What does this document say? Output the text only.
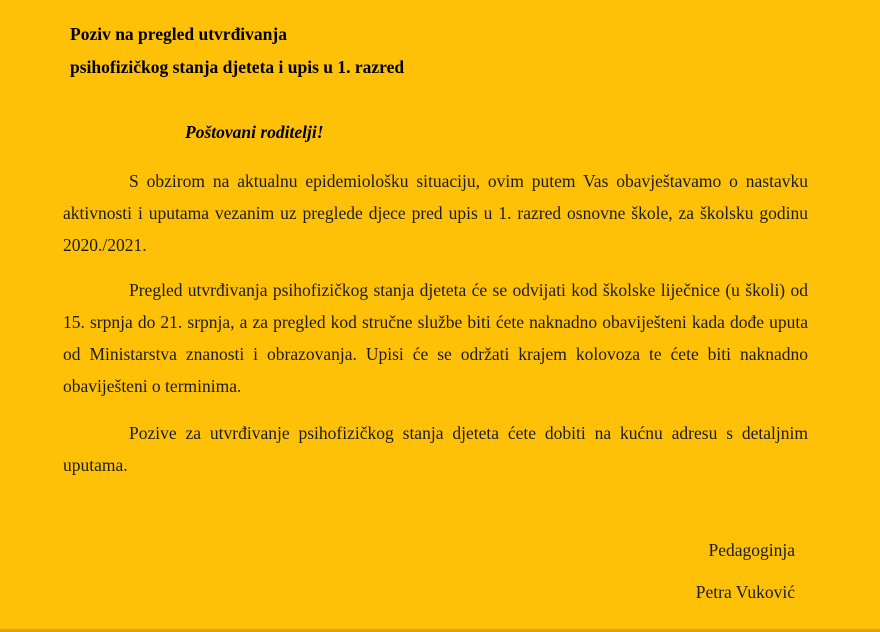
Poziv na pregled utvrđivanja
psihofizičkog stanja djeteta i upis u 1. razred

Poštovani roditelji!

S obzirom na aktualnu epidemiološku situaciju, ovim putem Vas obavještavamo o nastavku aktivnosti i uputama vezanim uz preglede djece pred upis u 1. razred osnovne škole, za školsku godinu 2020./2021.

Pregled utvrđivanja psihofizičkog stanja djeteta će se odvijati kod školske liječnice (u školi) od 15. srpnja do 21. srpnja, a za pregled kod stručne službe biti ćete naknadno obaviješteni kada dođe uputa od Ministarstva znanosti i obrazovanja. Upisi će se održati krajem kolovoza te ćete biti naknadno obaviješteni o terminima.

Pozive za utvrđivanje psihofizičkog stanja djeteta ćete dobiti na kućnu adresu s detaljnim uputama.

Pedagoginja

Petra Vuković
